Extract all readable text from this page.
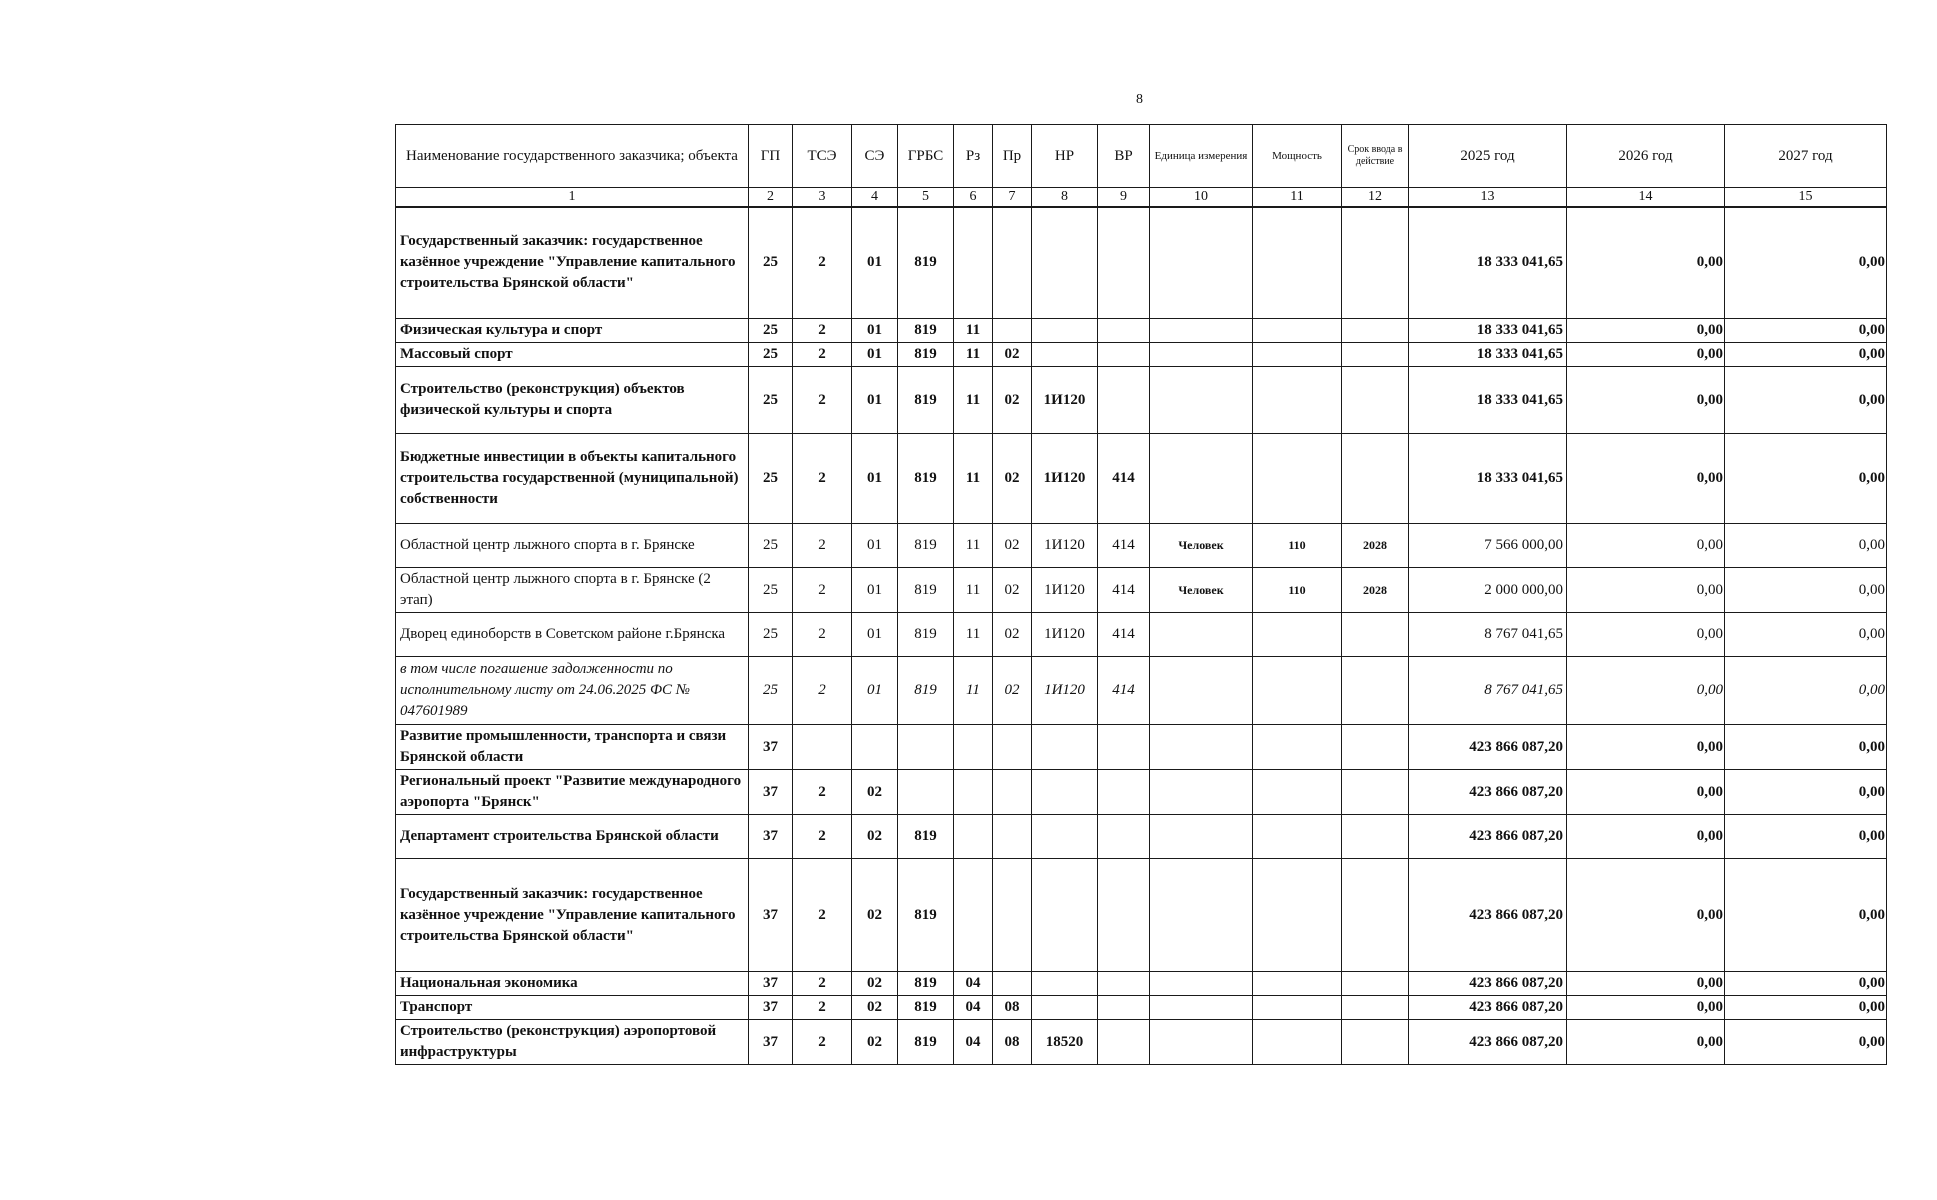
8
Наименование государственного заказчика; объекта	ГП	ТСЭ	СЭ	ГРБС	Рз	Пр	НР	ВР	Единица измерения	Мощность	Срок ввода в действие	2025 год	2026 год	2027 год
1	2	3	4	5	6	7	8	9	10	11	12	13	14	15
Государственный заказчик: государственное казённое учреждение "Управление капитального строительства Брянской области"	25	2	01	819								18 333 041,65	0,00	0,00
Физическая культура и спорт	25	2	01	819	11							18 333 041,65	0,00	0,00
Массовый спорт	25	2	01	819	11	02						18 333 041,65	0,00	0,00
Строительство (реконструкция) объектов физической культуры и спорта	25	2	01	819	11	02	1И120					18 333 041,65	0,00	0,00
Бюджетные инвестиции в объекты капитального строительства государственной (муниципальной) собственности	25	2	01	819	11	02	1И120	414				18 333 041,65	0,00	0,00
Областной центр лыжного спорта в г. Брянске	25	2	01	819	11	02	1И120	414	Человек	110	2028	7 566 000,00	0,00	0,00
Областной центр лыжного спорта в г. Брянске (2 этап)	25	2	01	819	11	02	1И120	414	Человек	110	2028	2 000 000,00	0,00	0,00
Дворец единоборств в Советском районе г.Брянска	25	2	01	819	11	02	1И120	414				8 767 041,65	0,00	0,00
в том числе погашение задолженности по исполнительному листу от 24.06.2025 ФС № 047601989	25	2	01	819	11	02	1И120	414				8 767 041,65	0,00	0,00
Развитие промышленности, транспорта и связи Брянской области	37											423 866 087,20	0,00	0,00
Региональный проект "Развитие международного аэропорта "Брянск"	37	2	02									423 866 087,20	0,00	0,00
Департамент строительства Брянской области	37	2	02	819								423 866 087,20	0,00	0,00
Государственный заказчик: государственное казённое учреждение "Управление капитального строительства Брянской области"	37	2	02	819								423 866 087,20	0,00	0,00
Национальная экономика	37	2	02	819	04							423 866 087,20	0,00	0,00
Транспорт	37	2	02	819	04	08						423 866 087,20	0,00	0,00
Строительство (реконструкция) аэропортовой инфраструктуры	37	2	02	819	04	08	18520					423 866 087,20	0,00	0,00
